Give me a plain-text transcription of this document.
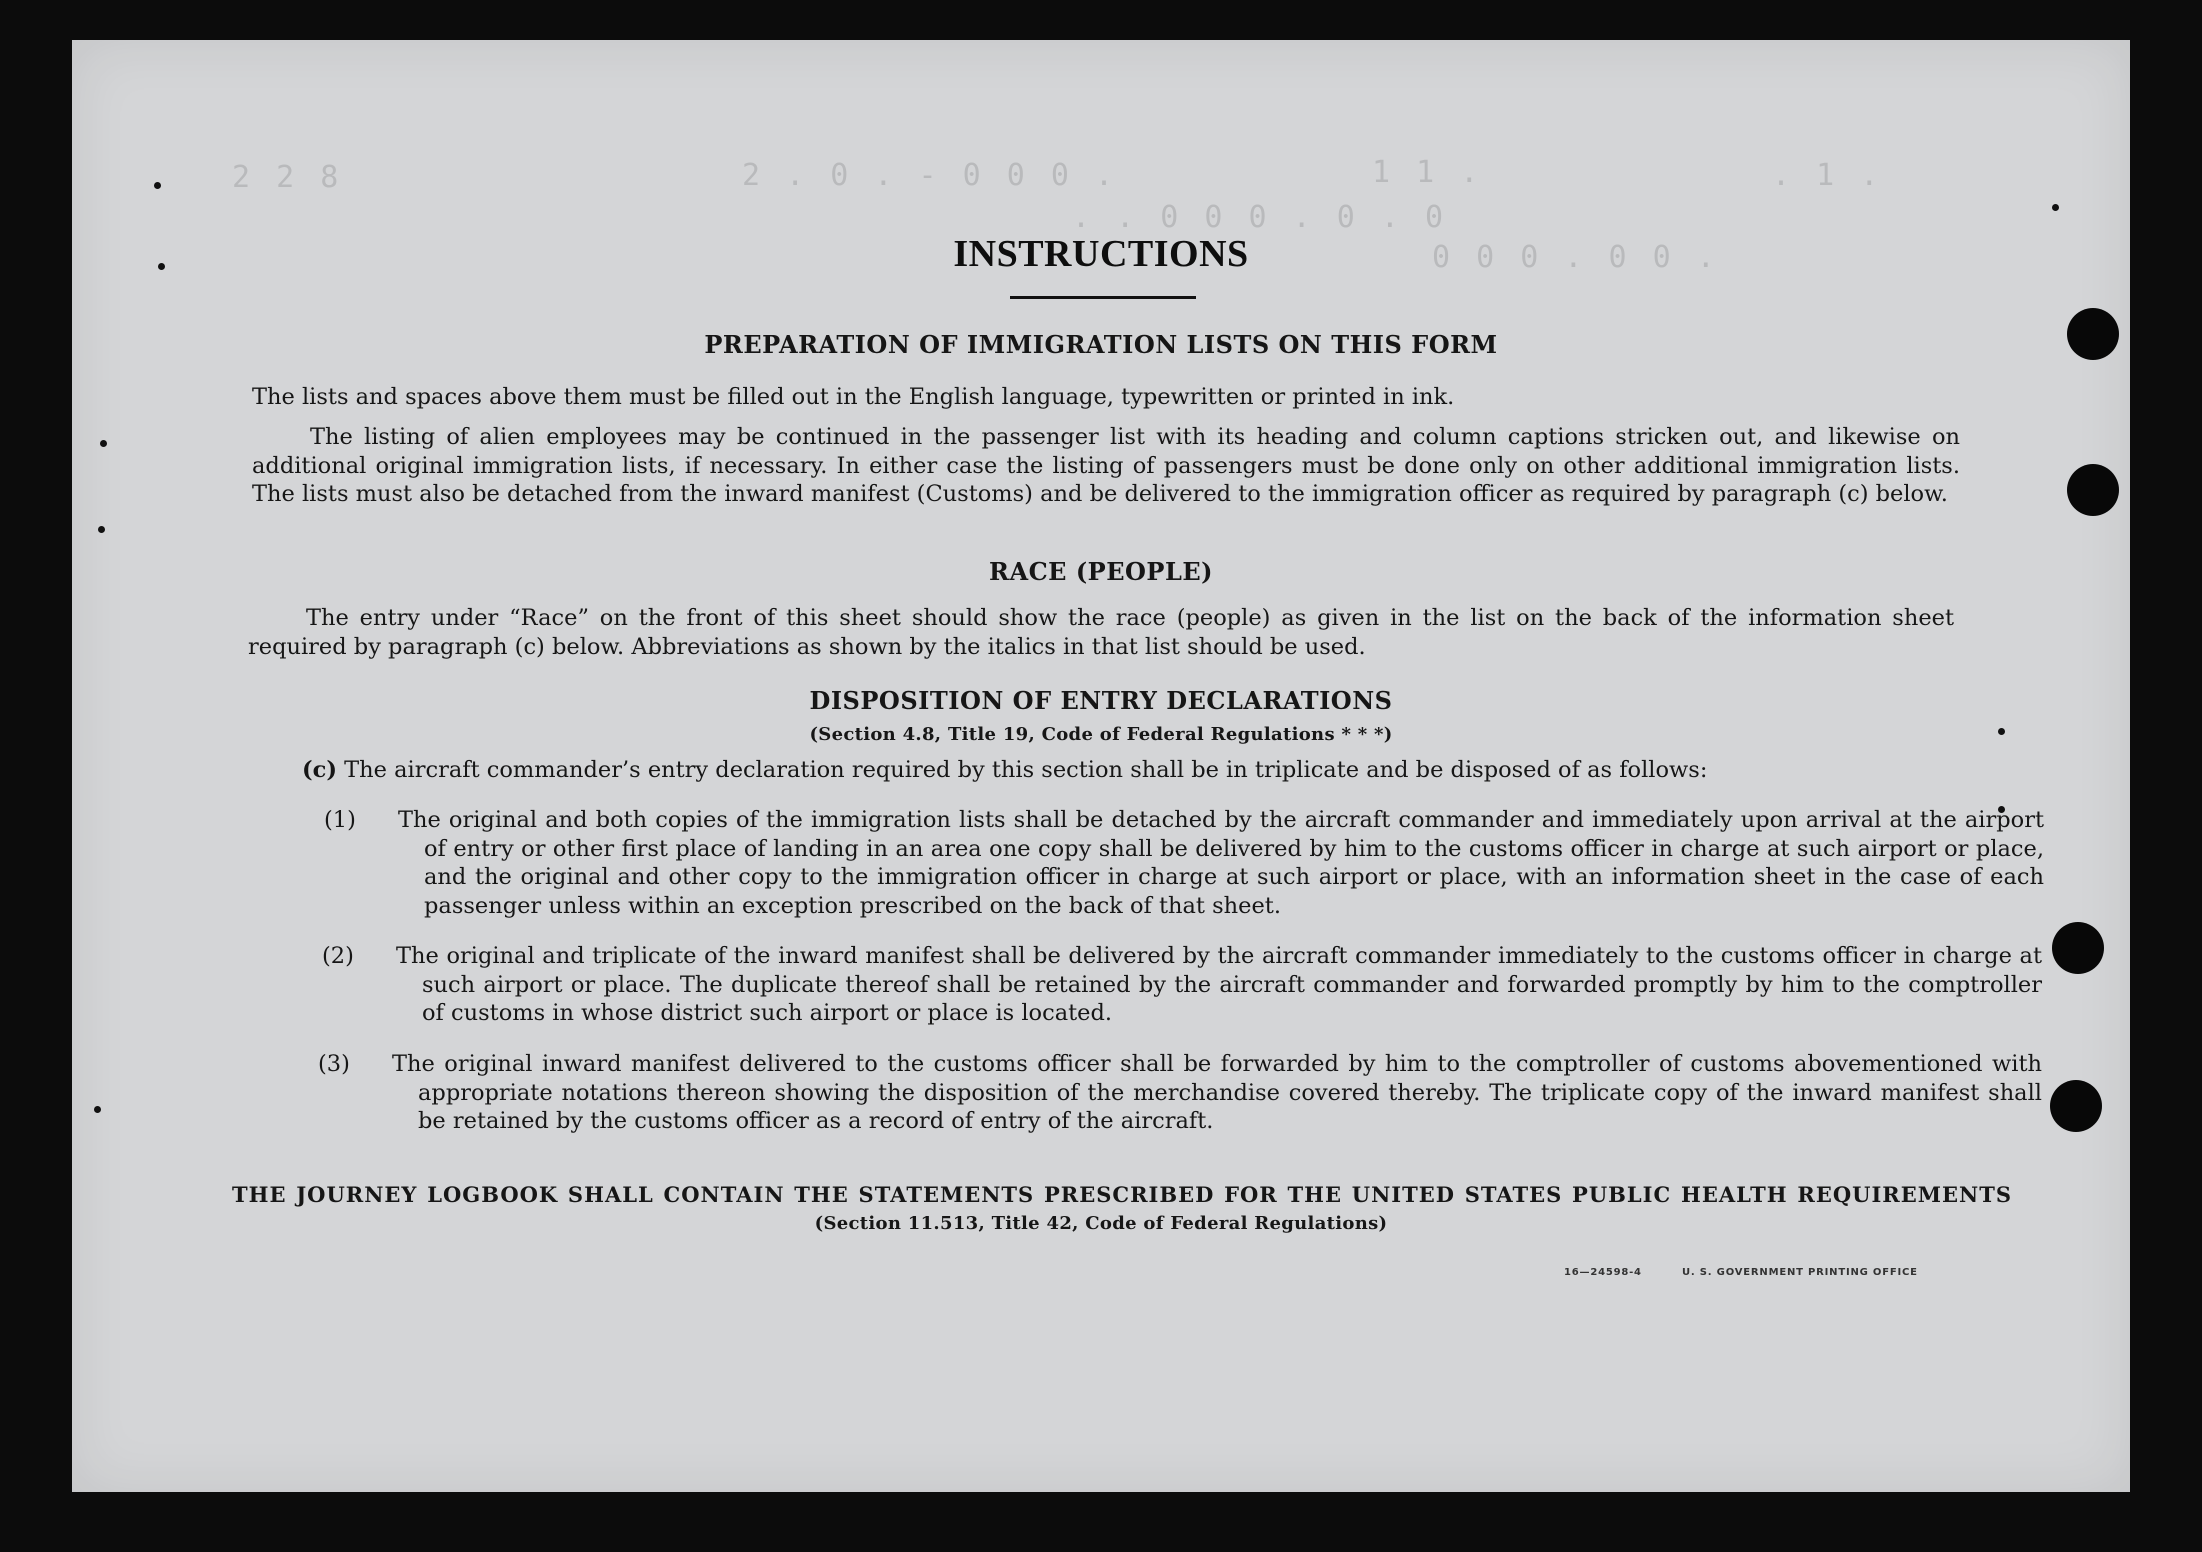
2 2 8	2 . 0 . - 0 0 0 .	1 1 .	. 1 .
. . 0 0 0 . 0 . 0
0 0 0 . 0 0 .
INSTRUCTIONS
PREPARATION OF IMMIGRATION LISTS ON THIS FORM
The lists and spaces above them must be filled out in the English language, typewritten or printed in ink.
The listing of alien employees may be continued in the passenger list with its heading and column captions stricken out, and likewise on additional original immigration lists, if necessary. In either case the listing of passengers must be done only on other additional immigration lists. The lists must also be detached from the inward manifest (Customs) and be delivered to the immigration officer as required by paragraph (c) below.
RACE (PEOPLE)
The entry under “Race” on the front of this sheet should show the race (people) as given in the list on the back of the information sheet required by paragraph (c) below. Abbreviations as shown by the italics in that list should be used.
DISPOSITION OF ENTRY DECLARATIONS
(Section 4.8, Title 19, Code of Federal Regulations * * *)
(c) The aircraft commander’s entry declaration required by this section shall be in triplicate and be disposed of as follows:
(1) The original and both copies of the immigration lists shall be detached by the aircraft commander and immediately upon arrival at the airport of entry or other first place of landing in an area one copy shall be delivered by him to the customs officer in charge at such airport or place, and the original and other copy to the immigration officer in charge at such airport or place, with an information sheet in the case of each passenger unless within an exception prescribed on the back of that sheet.
(2) The original and triplicate of the inward manifest shall be delivered by the aircraft commander immediately to the customs officer in charge at such airport or place. The duplicate thereof shall be retained by the aircraft commander and forwarded promptly by him to the comptroller of customs in whose district such airport or place is located.
(3) The original inward manifest delivered to the customs officer shall be forwarded by him to the comptroller of customs abovementioned with appropriate notations thereon showing the disposition of the merchandise covered thereby. The triplicate copy of the inward manifest shall be retained by the customs officer as a record of entry of the aircraft.
THE JOURNEY LOGBOOK SHALL CONTAIN THE STATEMENTS PRESCRIBED FOR THE UNITED STATES PUBLIC HEALTH REQUIREMENTS
(Section 11.513, Title 42, Code of Federal Regulations)
16—24598-4	U. S. GOVERNMENT PRINTING OFFICE
